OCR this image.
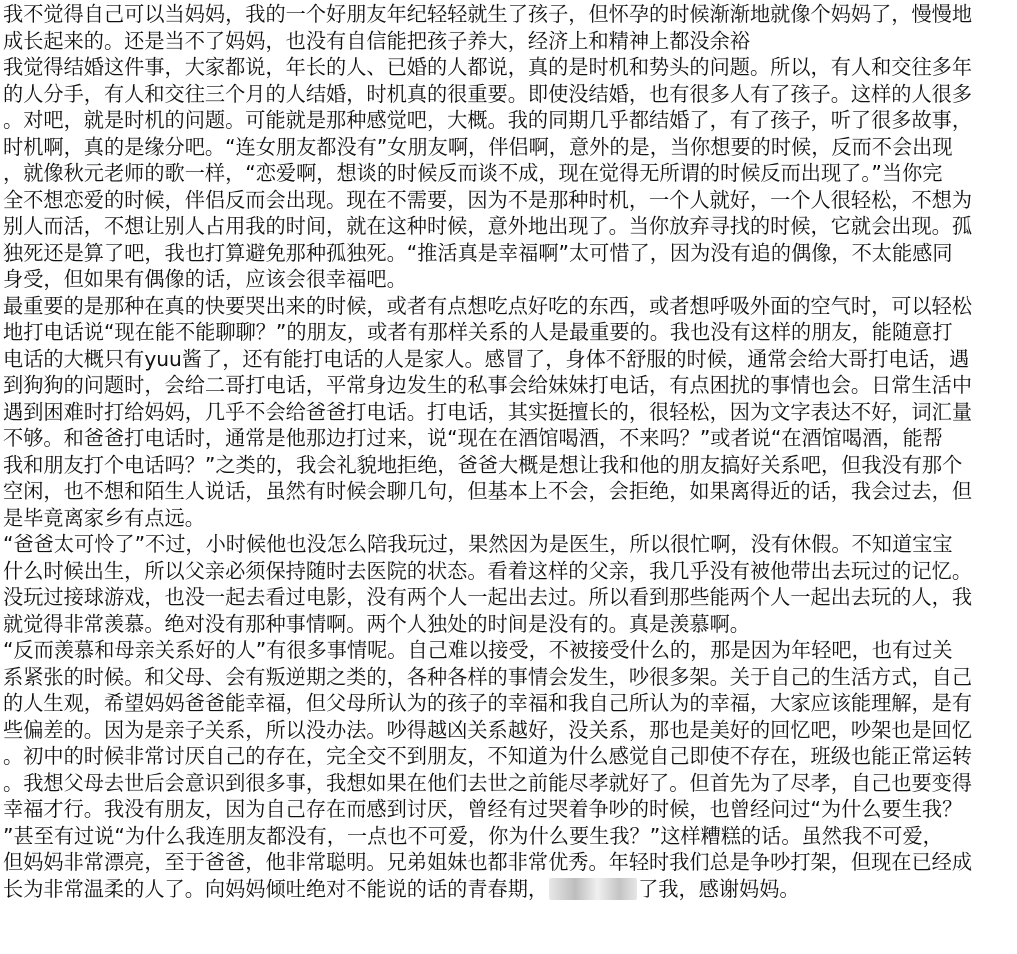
我不觉得自己可以当妈妈，我的一个好朋友年纪轻轻就生了孩子，但怀孕的时候渐渐地就像个妈妈了，慢慢地
成长起来的。还是当不了妈妈，也没有自信能把孩子养大，经济上和精神上都没余裕
我觉得结婚这件事，大家都说，年长的人、已婚的人都说，真的是时机和势头的问题。所以，有人和交往多年
的人分手，有人和交往三个月的人结婚，时机真的很重要。即使没结婚，也有很多人有了孩子。这样的人很多
。对吧，就是时机的问题。可能就是那种感觉吧，大概。我的同期几乎都结婚了，有了孩子，听了很多故事，
时机啊，真的是缘分吧。“连女朋友都没有”女朋友啊，伴侣啊，意外的是，当你想要的时候，反而不会出现
，就像秋元老师的歌一样，“恋爱啊，想谈的时候反而谈不成，现在觉得无所谓的时候反而出现了。”当你完
全不想恋爱的时候，伴侣反而会出现。现在不需要，因为不是那种时机，一个人就好，一个人很轻松，不想为
别人而活，不想让别人占用我的时间，就在这种时候，意外地出现了。当你放弃寻找的时候，它就会出现。孤
独死还是算了吧，我也打算避免那种孤独死。“推活真是幸福啊”太可惜了，因为没有追的偶像，不太能感同
身受，但如果有偶像的话，应该会很幸福吧。
最重要的是那种在真的快要哭出来的时候，或者有点想吃点好吃的东西，或者想呼吸外面的空气时，可以轻松
地打电话说“现在能不能聊聊？”的朋友，或者有那样关系的人是最重要的。我也没有这样的朋友，能随意打
电话的大概只有yuu酱了，还有能打电话的人是家人。感冒了，身体不舒服的时候，通常会给大哥打电话，遇
到狗狗的问题时，会给二哥打电话，平常身边发生的私事会给妹妹打电话，有点困扰的事情也会。日常生活中
遇到困难时打给妈妈，几乎不会给爸爸打电话。打电话，其实挺擅长的，很轻松，因为文字表达不好，词汇量
不够。和爸爸打电话时，通常是他那边打过来，说“现在在酒馆喝酒，不来吗？”或者说“在酒馆喝酒，能帮
我和朋友打个电话吗？”之类的，我会礼貌地拒绝，爸爸大概是想让我和他的朋友搞好关系吧，但我没有那个
空闲，也不想和陌生人说话，虽然有时候会聊几句，但基本上不会，会拒绝，如果离得近的话，我会过去，但
是毕竟离家乡有点远。
“爸爸太可怜了”不过，小时候他也没怎么陪我玩过，果然因为是医生，所以很忙啊，没有休假。不知道宝宝
什么时候出生，所以父亲必须保持随时去医院的状态。看着这样的父亲，我几乎没有被他带出去玩过的记忆。
没玩过接球游戏，也没一起去看过电影，没有两个人一起出去过。所以看到那些能两个人一起出去玩的人，我
就觉得非常羡慕。绝对没有那种事情啊。两个人独处的时间是没有的。真是羡慕啊。
“反而羡慕和母亲关系好的人”有很多事情呢。自己难以接受，不被接受什么的，那是因为年轻吧，也有过关
系紧张的时候。和父母、会有叛逆期之类的，各种各样的事情会发生，吵很多架。关于自己的生活方式，自己
的人生观，希望妈妈爸爸能幸福，但父母所认为的孩子的幸福和我自己所认为的幸福，大家应该能理解，是有
些偏差的。因为是亲子关系，所以没办法。吵得越凶关系越好，没关系，那也是美好的回忆吧，吵架也是回忆
。初中的时候非常讨厌自己的存在，完全交不到朋友，不知道为什么感觉自己即使不存在，班级也能正常运转
。我想父母去世后会意识到很多事，我想如果在他们去世之前能尽孝就好了。但首先为了尽孝，自己也要变得
幸福才行。我没有朋友，因为自己存在而感到讨厌，曾经有过哭着争吵的时候，也曾经问过“为什么要生我？
”甚至有过说“为什么我连朋友都没有，一点也不可爱，你为什么要生我？”这样糟糕的话。虽然我不可爱，
但妈妈非常漂亮，至于爸爸，他非常聪明。兄弟姐妹也都非常优秀。年轻时我们总是争吵打架，但现在已经成
长为非常温柔的人了。向妈妈倾吐绝对不能说的话的青春期，	了我，感谢妈妈。
